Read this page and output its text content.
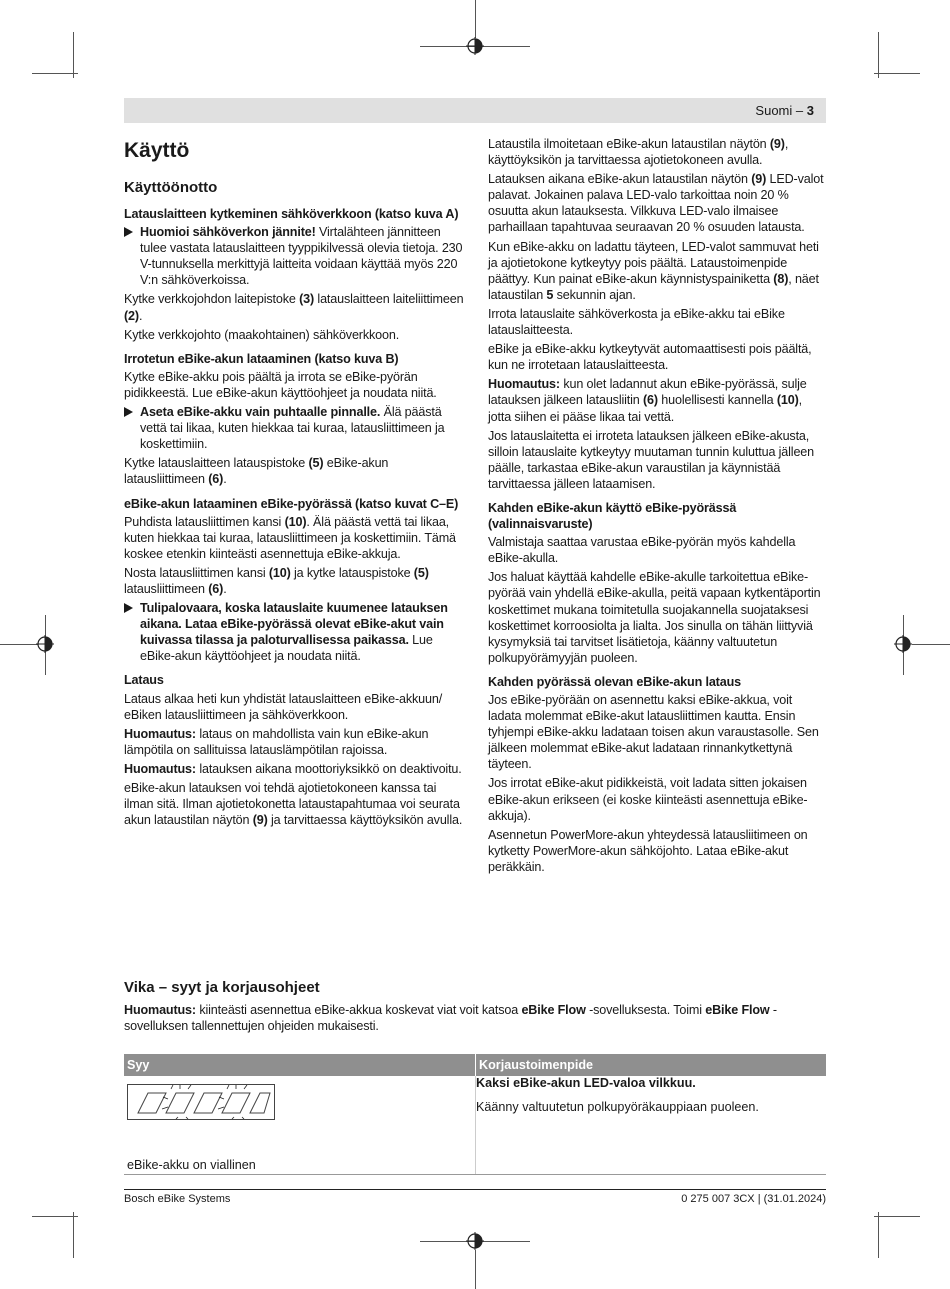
Suomi – 3
Käyttö
Käyttöönotto
Latauslaitteen kytkeminen sähköverkkoon (katso kuva A)
Huomioi sähköverkon jännite! Virtalähteen jännitteen tulee vastata latauslaitteen tyyppikilvessä olevia tietoja. 230 V-tunnuksella merkittyjä laitteita voidaan käyttää myös 220 V:n sähköverkoissa.

Kytke verkkojohdon laitepistoke (3) latauslaitteen laiteliittimeen (2).

Kytke verkkojohto (maakohtainen) sähköverkkoon.

Irrotetun eBike-akun lataaminen (katso kuva B)

Kytke eBike-akku pois päältä ja irrota se eBike-pyörän pidikkeestä. Lue eBike-akun käyttöohjeet ja noudata niitä.

Aseta eBike-akku vain puhtaalle pinnalle. Älä päästä vettä tai likaa, kuten hiekkaa tai kuraa, latausliittimeen ja koskettimiin.

Kytke latauslaitteen latauspistoke (5) eBike-akun latausliittimeen (6).

eBike-akun lataaminen eBike-pyörässä (katso kuvat C–E)

Puhdista latausliittimen kansi (10). Älä päästä vettä tai likaa, kuten hiekkaa tai kuraa, latausliittimeen ja koskettimiin. Tämä koskee etenkin kiinteästi asennettuja eBike-akkuja.

Nosta latausliittimen kansi (10) ja kytke latauspistoke (5) latausliittimeen (6).

Tulipalovaara, koska latauslaite kuumenee latauksen aikana. Lataa eBike-pyörässä olevat eBike-akut vain kuivassa tilassa ja paloturvallisessa paikassa. Lue eBike-akun käyttöohjeet ja noudata niitä.
Lataus

Lataus alkaa heti kun yhdistät latauslaitteen eBike-akkuun/ eBiken latausliittimeen ja sähköverkkoon.

Huomautus: lataus on mahdollista vain kun eBike-akun lämpötila on sallituissa latauslämpötilan rajoissa.

Huomautus: latauksen aikana moottoriyksikkö on deaktivoitu.

eBike-akun latauksen voi tehdä ajotietokoneen kanssa tai ilman sitä. Ilman ajotietokonetta lataustapahtumaa voi seurata akun lataustilan näytön (9) ja tarvittaessa käyttöyksikön avulla.

Lataustila ilmoitetaan eBike-akun lataustilan näytön (9), käyttöyksikön ja tarvittaessa ajotietokoneen avulla.

Latauksen aikana eBike-akun lataustilan näytön (9) LED-valot palavat. Jokainen palava LED-valo tarkoittaa noin 20 % osuutta akun latauksesta. Vilkkuva LED-valo ilmaisee parhaillaan tapahtuvaa seuraavan 20 % osuuden latausta.

Kun eBike-akku on ladattu täyteen, LED-valot sammuvat heti ja ajotietokone kytkeytyy pois päältä. Lataustoimenpide päättyy. Kun painat eBike-akun käynnistyspainiketta (8), näet lataustilan 5 sekunnin ajan.

Irrota latauslaite sähköverkosta ja eBike-akku tai eBike latauslaitteesta.

eBike ja eBike-akku kytkeytyvät automaattisesti pois päältä, kun ne irrotetaan latauslaitteesta.

Huomautus: kun olet ladannut akun eBike-pyörässä, sulje latauksen jälkeen latausliitin (6) huolellisesti kannella (10), jotta siihen ei pääse likaa tai vettä.

Jos latauslaitetta ei irroteta latauksen jälkeen eBike-akusta, silloin latauslaite kytkeytyy muutaman tunnin kuluttua jälleen päälle, tarkastaa eBike-akun varaustilan ja käynnistää tarvittaessa jälleen lataamisen.

Kahden eBike-akun käyttö eBike-pyörässä (valinnaisvaruste)

Valmistaja saattaa varustaa eBike-pyörän myös kahdella eBike-akulla.

Jos haluat käyttää kahdelle eBike-akulle tarkoitettua eBike-pyörää vain yhdellä eBike-akulla, peitä vapaan kytkentäportin koskettimet mukana toimitetulla suojakannella suojataksesi koskettimet korroosiolta ja lialta. Jos sinulla on tähän liittyviä kysymyksiä tai tarvitset lisätietoja, käänny valtuutetun polkupyörämyyjän puoleen.

Kahden pyörässä olevan eBike-akun lataus

Jos eBike-pyörään on asennettu kaksi eBike-akkua, voit ladata molemmat eBike-akut latausliittimen kautta. Ensin tyhjempi eBike-akku ladataan toisen akun varaustasolle. Sen jälkeen molemmat eBike-akut ladataan rinnankytkettynä täyteen.

Jos irrotat eBike-akut pidikkeistä, voit ladata sitten jokaisen eBike-akun erikseen (ei koske kiinteästi asennettuja eBike-akkuja).

Asennetun PowerMore-akun yhteydessä latausliitimeen on kytketty PowerMore-akun sähköjohto. Lataa eBike-akut peräkkäin.

Vika – syyt ja korjausohjeet

Huomautus: kiinteästi asennettua eBike-akkua koskevat viat voit katsoa eBike Flow -sovelluksesta. Toimi eBike Flow -sovelluksen tallennettujen ohjeiden mukaisesti.

Syy	Korjaustoimenpide

eBike-akku on viallinen	Kaksi eBike-akun LED-valoa vilkkuu.

Käänny valtuutetun polkupyöräkauppiaan puoleen.

Bosch eBike Systems	0 275 007 3CX | (31.01.2024)
